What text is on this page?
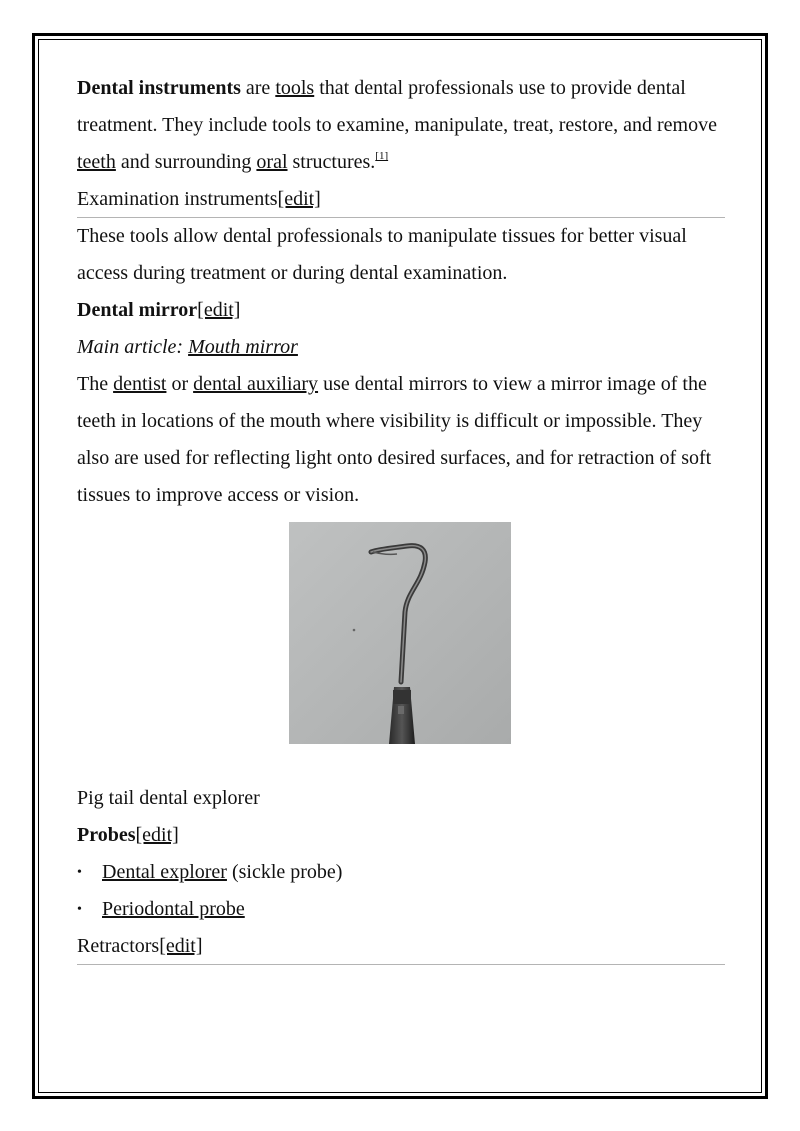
Dental instruments are tools that dental professionals use to provide dental treatment. They include tools to examine, manipulate, treat, restore, and remove teeth and surrounding oral structures.[1]

Examination instruments[edit]

These tools allow dental professionals to manipulate tissues for better visual access during treatment or during dental examination.

Dental mirror[edit]

Main article: Mouth mirror

The dentist or dental auxiliary use dental mirrors to view a mirror image of the teeth in locations of the mouth where visibility is difficult or impossible. They also are used for reflecting light onto desired surfaces, and for retraction of soft tissues to improve access or vision.

Pig tail dental explorer

Probes[edit]

• Dental explorer (sickle probe)
• Periodontal probe
Retractors[edit]
